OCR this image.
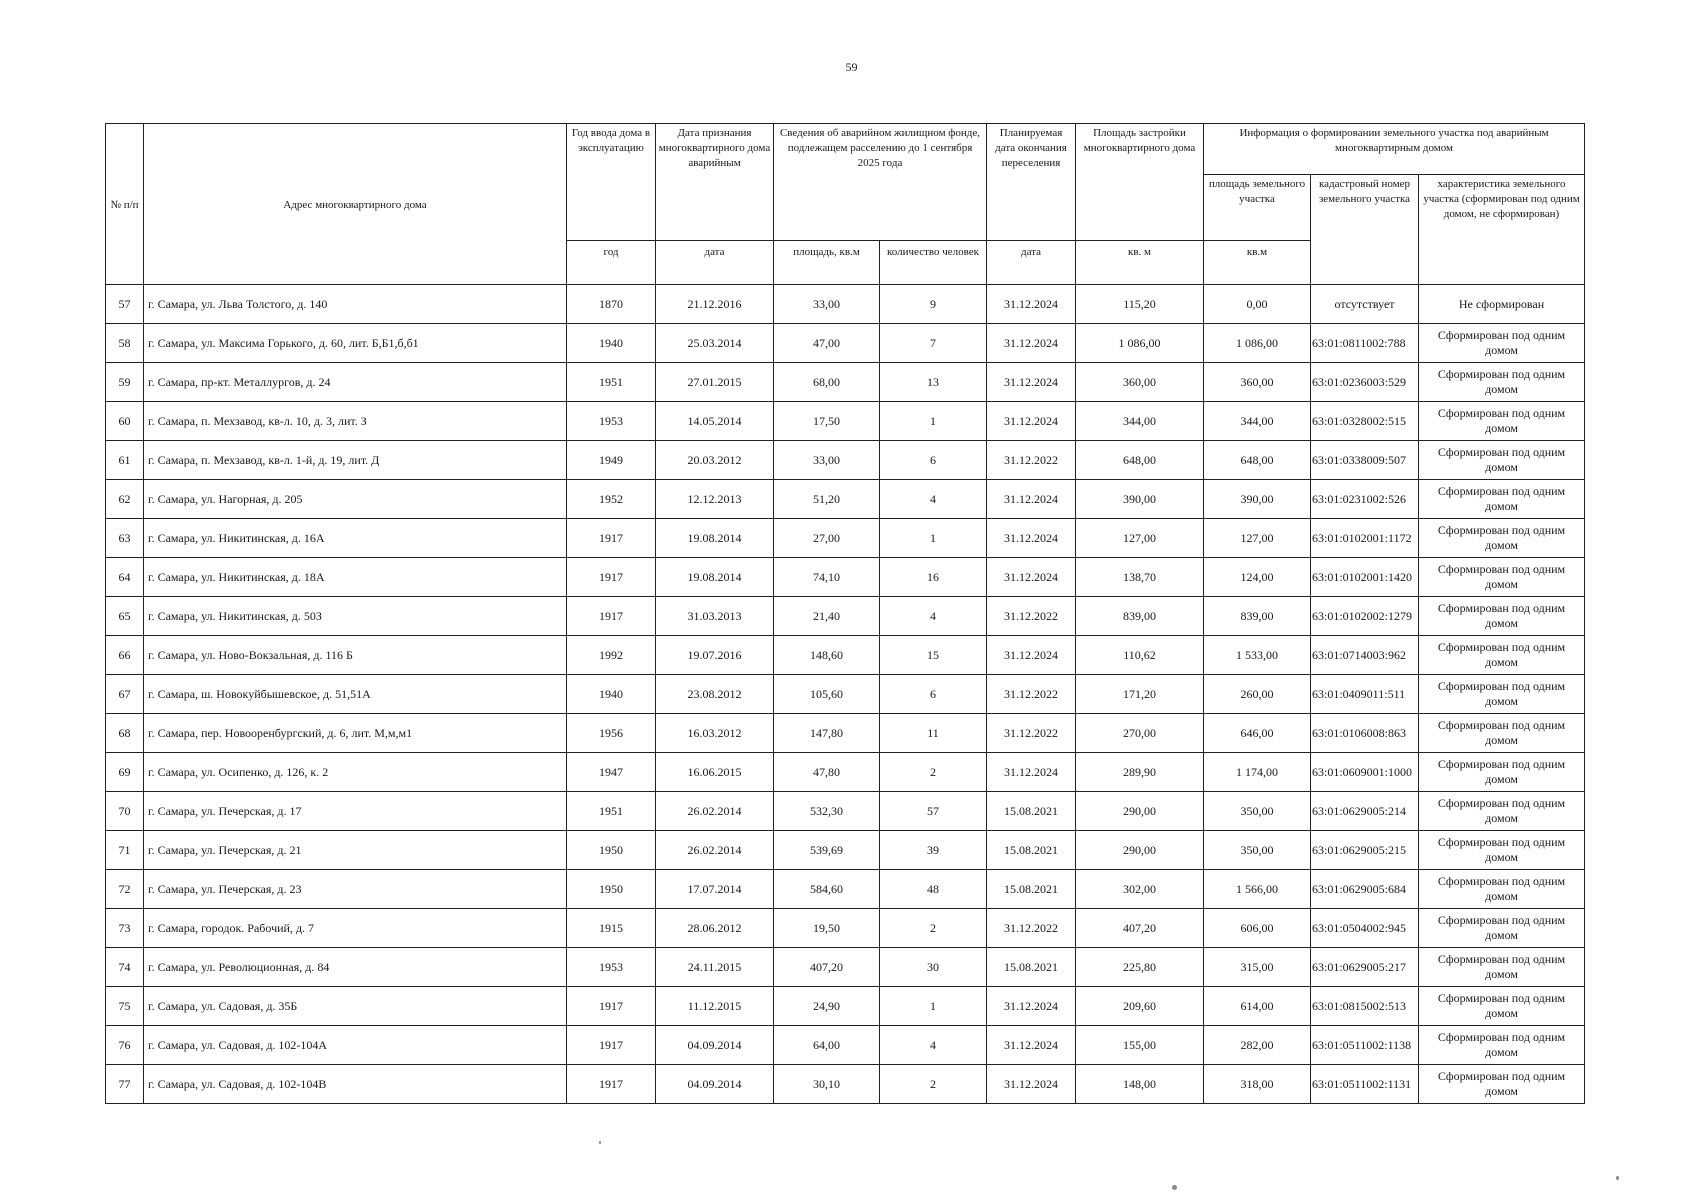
59
№ п/п	Адрес многоквартирного дома	Год ввода дома в эксплуатацию	Дата признания многоквартирного дома аварийным	Сведения об аварийном жилищном фонде, подлежащем расселению до 1 сентября 2025 года		Планируемая дата окончания переселения	Площадь застройки многоквартирного дома	Информация о формировании земельного участка под аварийным многоквартирным домом		
								площадь земельного участка	кадастровый номер земельного участка	характеристика земельного участка (сформирован под одним домом, не сформирован)
		год	дата	площадь, кв.м	количество человек	дата	кв. м	кв.м		
57	г. Самара, ул. Льва Толстого, д. 140	1870	21.12.2016	33,00	9	31.12.2024	115,20	0,00	отсутствует	Не сформирован
58	г. Самара, ул. Максима Горького, д. 60, лит. Б,Б1,б,б1	1940	25.03.2014	47,00	7	31.12.2024	1 086,00	1 086,00	63:01:0811002:788	Сформирован под одним домом
59	г. Самара, пр-кт. Металлургов, д. 24	1951	27.01.2015	68,00	13	31.12.2024	360,00	360,00	63:01:0236003:529	Сформирован под одним домом
60	г. Самара, п. Мехзавод, кв-л. 10, д. 3, лит. З	1953	14.05.2014	17,50	1	31.12.2024	344,00	344,00	63:01:0328002:515	Сформирован под одним домом
61	г. Самара, п. Мехзавод, кв-л. 1-й, д. 19, лит. Д	1949	20.03.2012	33,00	6	31.12.2022	648,00	648,00	63:01:0338009:507	Сформирован под одним домом
62	г. Самара, ул. Нагорная, д. 205	1952	12.12.2013	51,20	4	31.12.2024	390,00	390,00	63:01:0231002:526	Сформирован под одним домом
63	г. Самара, ул. Никитинская, д. 16А	1917	19.08.2014	27,00	1	31.12.2024	127,00	127,00	63:01:0102001:1172	Сформирован под одним домом
64	г. Самара, ул. Никитинская, д. 18А	1917	19.08.2014	74,10	16	31.12.2024	138,70	124,00	63:01:0102001:1420	Сформирован под одним домом
65	г. Самара, ул. Никитинская, д. 50З	1917	31.03.2013	21,40	4	31.12.2022	839,00	839,00	63:01:0102002:1279	Сформирован под одним домом
66	г. Самара, ул. Ново-Вокзальная, д. 116 Б	1992	19.07.2016	148,60	15	31.12.2024	110,62	1 533,00	63:01:0714003:962	Сформирован под одним домом
67	г. Самара, ш. Новокуйбышевское, д. 51,51А	1940	23.08.2012	105,60	6	31.12.2022	171,20	260,00	63:01:0409011:511	Сформирован под одним домом
68	г. Самара, пер. Новооренбургский, д. 6, лит. М,м,м1	1956	16.03.2012	147,80	11	31.12.2022	270,00	646,00	63:01:0106008:863	Сформирован под одним домом
69	г. Самара, ул. Осипенко, д. 126, к. 2	1947	16.06.2015	47,80	2	31.12.2024	289,90	1 174,00	63:01:0609001:1000	Сформирован под одним домом
70	г. Самара, ул. Печерская, д. 17	1951	26.02.2014	532,30	57	15.08.2021	290,00	350,00	63:01:0629005:214	Сформирован под одним домом
71	г. Самара, ул. Печерская, д. 21	1950	26.02.2014	539,69	39	15.08.2021	290,00	350,00	63:01:0629005:215	Сформирован под одним домом
72	г. Самара, ул. Печерская, д. 23	1950	17.07.2014	584,60	48	15.08.2021	302,00	1 566,00	63:01:0629005:684	Сформирован под одним домом
73	г. Самара, городок. Рабочий, д. 7	1915	28.06.2012	19,50	2	31.12.2022	407,20	606,00	63:01:0504002:945	Сформирован под одним домом
74	г. Самара, ул. Революционная, д. 84	1953	24.11.2015	407,20	30	15.08.2021	225,80	315,00	63:01:0629005:217	Сформирован под одним домом
75	г. Самара, ул. Садовая, д. 35Б	1917	11.12.2015	24,90	1	31.12.2024	209,60	614,00	63:01:0815002:513	Сформирован под одним домом
76	г. Самара, ул. Садовая, д. 102-104А	1917	04.09.2014	64,00	4	31.12.2024	155,00	282,00	63:01:0511002:1138	Сформирован под одним домом
77	г. Самара, ул. Садовая, д. 102-104В	1917	04.09.2014	30,10	2	31.12.2024	148,00	318,00	63:01:0511002:1131	Сформирован под одним домом
